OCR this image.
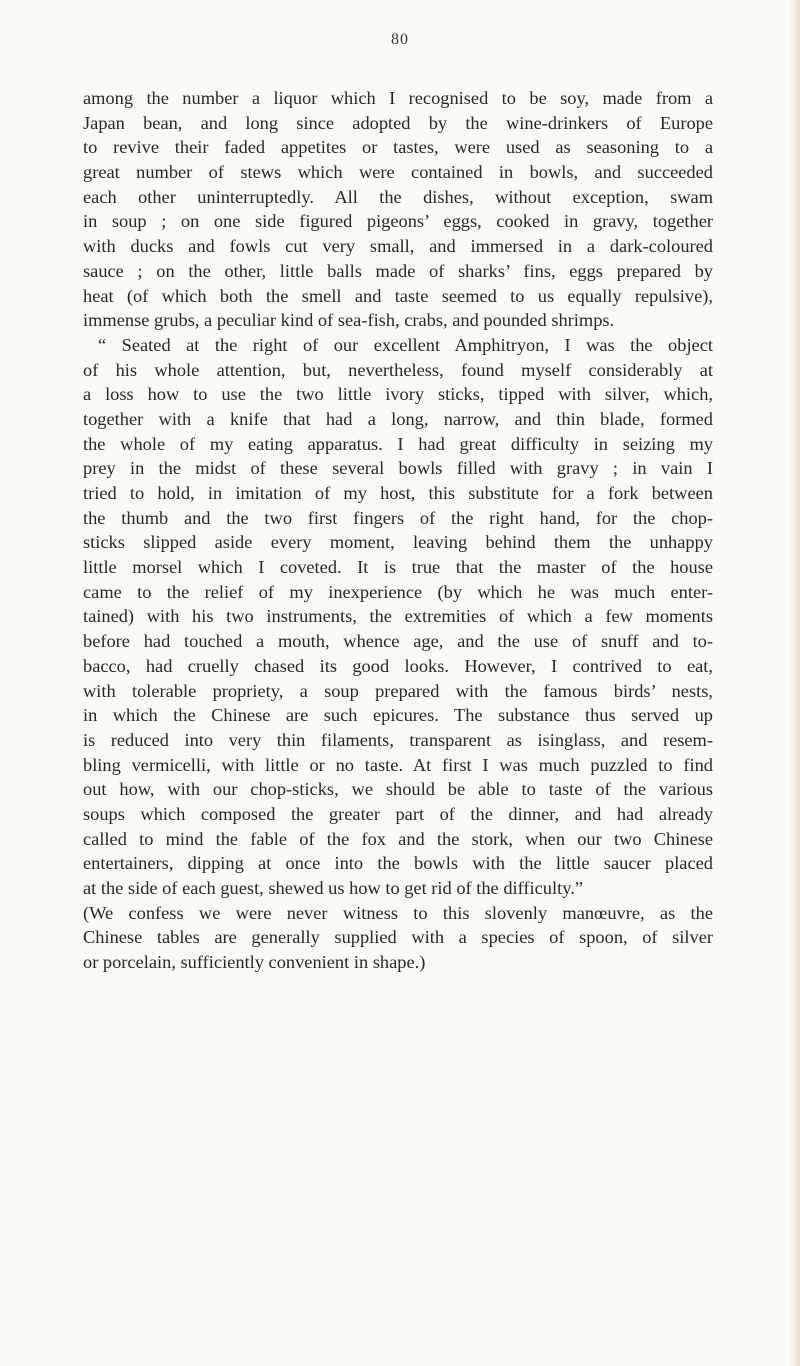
80
among the number a liquor which I recognised to be soy, made from a
Japan bean, and long since adopted by the wine-drinkers of Europe
to revive their faded appetites or tastes, were used as seasoning to a
great number of stews which were contained in bowls, and succeeded
each other uninterruptedly. All the dishes, without exception, swam
in soup ; on one side figured pigeons’ eggs, cooked in gravy, together
with ducks and fowls cut very small, and immersed in a dark-coloured
sauce ; on the other, little balls made of sharks’ fins, eggs prepared by
heat (of which both the smell and taste seemed to us equally repulsive),
immense grubs, a peculiar kind of sea-fish, crabs, and pounded shrimps.
“ Seated at the right of our excellent Amphitryon, I was the object
of his whole attention, but, nevertheless, found myself considerably at
a loss how to use the two little ivory sticks, tipped with silver, which,
together with a knife that had a long, narrow, and thin blade, formed
the whole of my eating apparatus. I had great difficulty in seizing my
prey in the midst of these several bowls filled with gravy ; in vain I
tried to hold, in imitation of my host, this substitute for a fork between
the thumb and the two first fingers of the right hand, for the chop-
sticks slipped aside every moment, leaving behind them the unhappy
little morsel which I coveted. It is true that the master of the house
came to the relief of my inexperience (by which he was much enter-
tained) with his two instruments, the extremities of which a few moments
before had touched a mouth, whence age, and the use of snuff and to-
bacco, had cruelly chased its good looks. However, I contrived to eat,
with tolerable propriety, a soup prepared with the famous birds’ nests,
in which the Chinese are such epicures. The substance thus served up
is reduced into very thin filaments, transparent as isinglass, and resem-
bling vermicelli, with little or no taste. At first I was much puzzled to find
out how, with our chop-sticks, we should be able to taste of the various
soups which composed the greater part of the dinner, and had already
called to mind the fable of the fox and the stork, when our two Chinese
entertainers, dipping at once into the bowls with the little saucer placed
at the side of each guest, shewed us how to get rid of the difficulty.”
(We confess we were never witness to this slovenly manœuvre, as the
Chinese tables are generally supplied with a species of spoon, of silver
or porcelain, sufficiently convenient in shape.)
